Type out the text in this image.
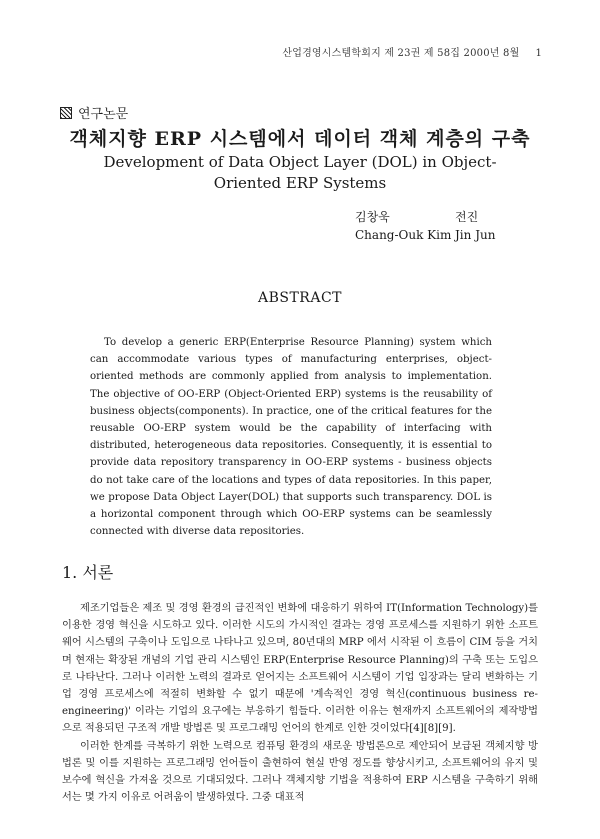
산업경영시스템학회지 제 23권 제 58집 2000년 8월 1
연구논문
객체지향 ERP 시스템에서 데이터 객체 계층의 구축
Development of Data Object Layer (DOL) in Object-Oriented ERP Systems
김창욱	전진
Chang-Ouk Kim Jin Jun
ABSTRACT

To develop a generic ERP(Enterprise Resource Planning) system which can accommodate various types of manufacturing enterprises, object-oriented methods are commonly applied from analysis to implementation. The objective of OO-ERP (Object-Oriented ERP) systems is the reusability of business objects(components). In practice, one of the critical features for the reusable OO-ERP system would be the capability of interfacing with distributed, heterogeneous data repositories. Consequently, it is essential to provide data repository transparency in OO-ERP systems - business objects do not take care of the locations and types of data repositories. In this paper, we propose Data Object Layer(DOL) that supports such transparency. DOL is a horizontal component through which OO-ERP systems can be seamlessly connected with diverse data repositories.

1. 서론

제조기업들은 제조 및 경영 환경의 급진적인 변화에 대응하기 위하여 IT(Information Technology)를 이용한 경영 혁신을 시도하고 있다. 이러한 시도의 가시적인 결과는 경영 프로세스를 지원하기 위한 소프트웨어 시스템의 구축이나 도입으로 나타나고 있으며, 80년대의 MRP 에서 시작된 이 흐름이 CIM 등을 거치며 현재는 확장된 개념의 기업 관리 시스템인 ERP(Enterprise Resource Planning)의 구축 또는 도입으로 나타난다. 그러나 이러한 노력의 결과로 얻어지는 소프트웨어 시스템이 기업 입장과는 달리 변화하는 기업 경영 프로세스에 적절히 변화할 수 없기 때문에 '계속적인 경영 혁신(continuous business re-engineering)' 이라는 기업의 요구에는 부응하기 힘들다. 이러한 이유는 현재까지 소프트웨어의 제작방법으로 적용되던 구조적 개발 방법론 및 프로그래밍 언어의 한계로 인한 것이었다[4][8][9].

이러한 한계를 극복하기 위한 노력으로 컴퓨팅 환경의 새로운 방법론으로 제안되어 보급된 객체지향 방법론 및 이를 지원하는 프로그래밍 언어들이 출현하여 현실 반영 정도를 향상시키고, 소프트웨어의 유지 및 보수에 혁신을 가져올 것으로 기대되었다. 그러나 객체지향 기법을 적용하여 ERP 시스템을 구축하기 위해서는 몇 가지 이유로 어려움이 발생하였다. 그중 대표적
